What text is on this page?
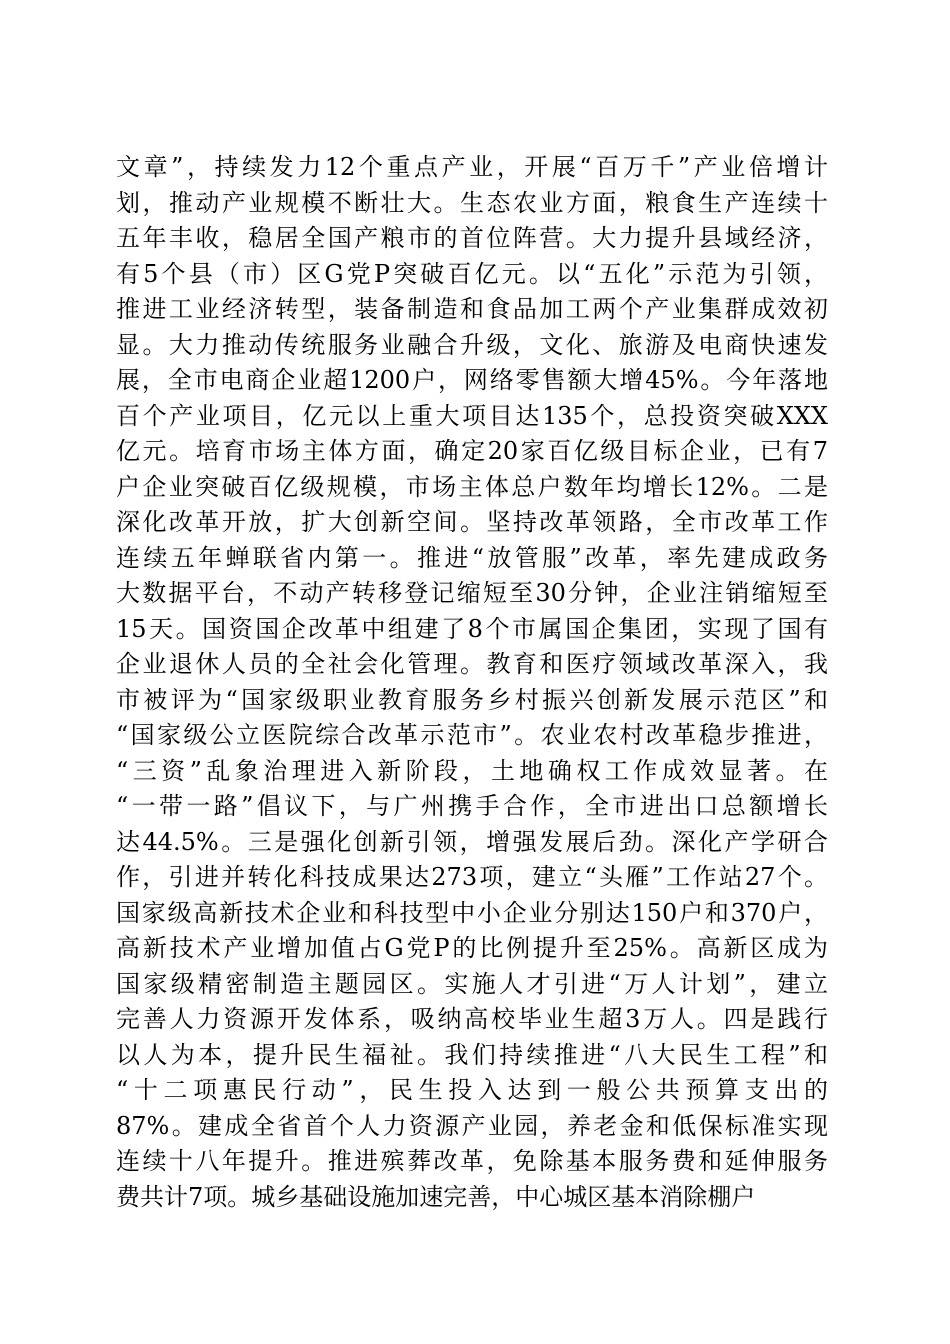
文章”，持续发力12个重点产业，开展“百万千”产业倍增计
划，推动产业规模不断壮大。生态农业方面，粮食生产连续十
五年丰收，稳居全国产粮市的首位阵营。大力提升县域经济，
有5个县（市）区G党P突破百亿元。以“五化”示范为引领，
推进工业经济转型，装备制造和食品加工两个产业集群成效初
显。大力推动传统服务业融合升级，文化、旅游及电商快速发
展，全市电商企业超1200户，网络零售额大增45%。今年落地
百个产业项目，亿元以上重大项目达135个，总投资突破XXX
亿元。培育市场主体方面，确定20家百亿级目标企业，已有7
户企业突破百亿级规模，市场主体总户数年均增长12%。二是
深化改革开放，扩大创新空间。坚持改革领路，全市改革工作
连续五年蝉联省内第一。推进“放管服”改革，率先建成政务
大数据平台，不动产转移登记缩短至30分钟，企业注销缩短至
15天。国资国企改革中组建了8个市属国企集团，实现了国有
企业退休人员的全社会化管理。教育和医疗领域改革深入，我
市被评为“国家级职业教育服务乡村振兴创新发展示范区”和
“国家级公立医院综合改革示范市”。农业农村改革稳步推进，
“三资”乱象治理进入新阶段，土地确权工作成效显著。在
“一带一路”倡议下，与广州携手合作，全市进出口总额增长
达44.5%。三是强化创新引领，增强发展后劲。深化产学研合
作，引进并转化科技成果达273项，建立“头雁”工作站27个。
国家级高新技术企业和科技型中小企业分别达150户和370户，
高新技术产业增加值占G党P的比例提升至25%。高新区成为
国家级精密制造主题园区。实施人才引进“万人计划”，建立
完善人力资源开发体系，吸纳高校毕业生超3万人。四是践行
以人为本，提升民生福祉。我们持续推进“八大民生工程”和
“十二项惠民行动”，民生投入达到一般公共预算支出的
87%。建成全省首个人力资源产业园，养老金和低保标准实现
连续十八年提升。推进殡葬改革，免除基本服务费和延伸服务
费共计7项。城乡基础设施加速完善，中心城区基本消除棚户
